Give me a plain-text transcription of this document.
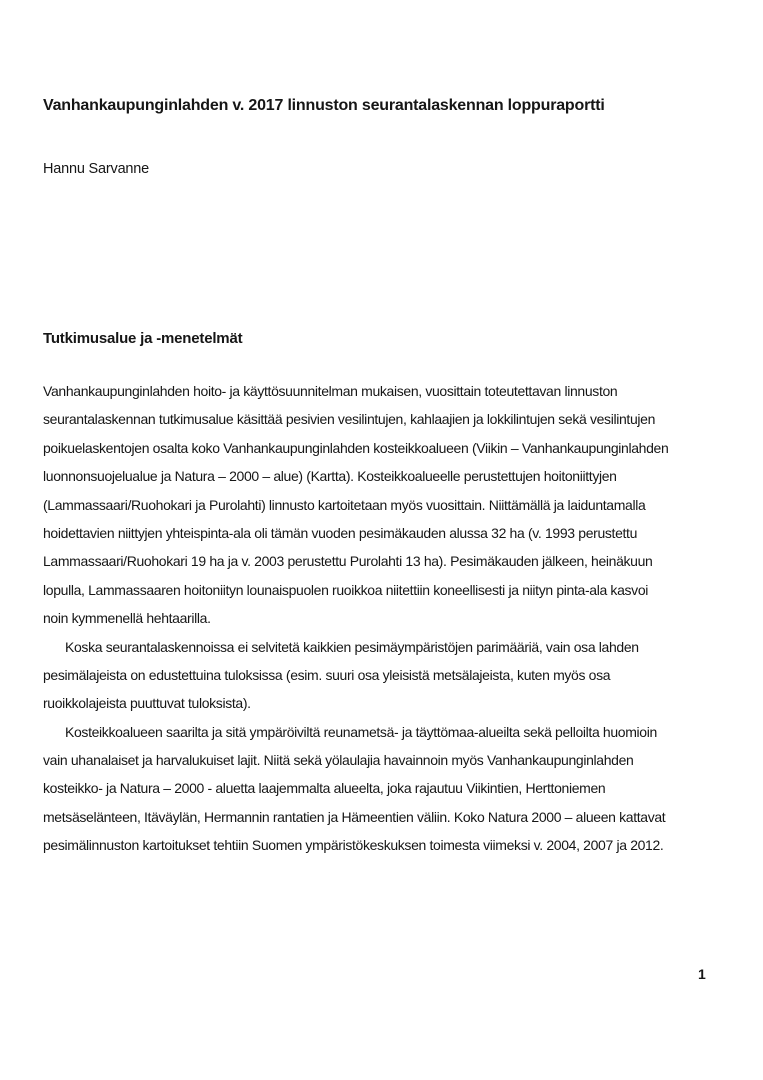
Vanhankaupunginlahden v. 2017 linnuston seurantalaskennan loppuraportti
Hannu Sarvanne
Tutkimusalue ja -menetelmät
Vanhankaupunginlahden hoito- ja käyttösuunnitelman mukaisen, vuosittain toteutettavan linnuston
seurantalaskennan tutkimusalue käsittää pesivien vesilintujen, kahlaajien ja lokkilintujen sekä vesilintujen
poikuelaskentojen osalta koko Vanhankaupunginlahden kosteikkoalueen (Viikin – Vanhankaupunginlahden
luonnonsuojelualue ja Natura – 2000 – alue) (Kartta). Kosteikkoalueelle perustettujen hoitoniittyjen
(Lammassaari/Ruohokari ja Purolahti) linnusto kartoitetaan myös vuosittain. Niittämällä ja laiduntamalla
hoidettavien niittyjen yhteispinta-ala oli tämän vuoden pesimäkauden alussa 32 ha (v. 1993 perustettu
Lammassaari/Ruohokari 19 ha ja v. 2003 perustettu Purolahti 13 ha). Pesimäkauden jälkeen, heinäkuun
lopulla, Lammassaaren hoitoniityn lounaispuolen ruoikkoa niitettiin koneellisesti ja niityn pinta-ala kasvoi
noin kymmenellä hehtaarilla.
Koska seurantalaskennoissa ei selvitetä kaikkien pesimäympäristöjen parimääriä, vain osa lahden
pesimälajeista on edustettuina tuloksissa (esim. suuri osa yleisistä metsälajeista, kuten myös osa
ruoikkolajeista puuttuvat tuloksista).
Kosteikkoalueen saarilta ja sitä ympäröiviltä reunametsä- ja täyttömaa-alueilta sekä pelloilta huomioin
vain uhanalaiset ja harvalukuiset lajit. Niitä sekä yölaulajia havainnoin myös Vanhankaupunginlahden
kosteikko- ja Natura – 2000 - aluetta laajemmalta alueelta, joka rajautuu Viikintien, Herttoniemen
metsäselänteen, Itäväylän, Hermannin rantatien ja Hämeentien väliin. Koko Natura 2000 – alueen kattavat
pesimälinnuston kartoitukset tehtiin Suomen ympäristökeskuksen toimesta viimeksi v. 2004, 2007 ja 2012.
1
